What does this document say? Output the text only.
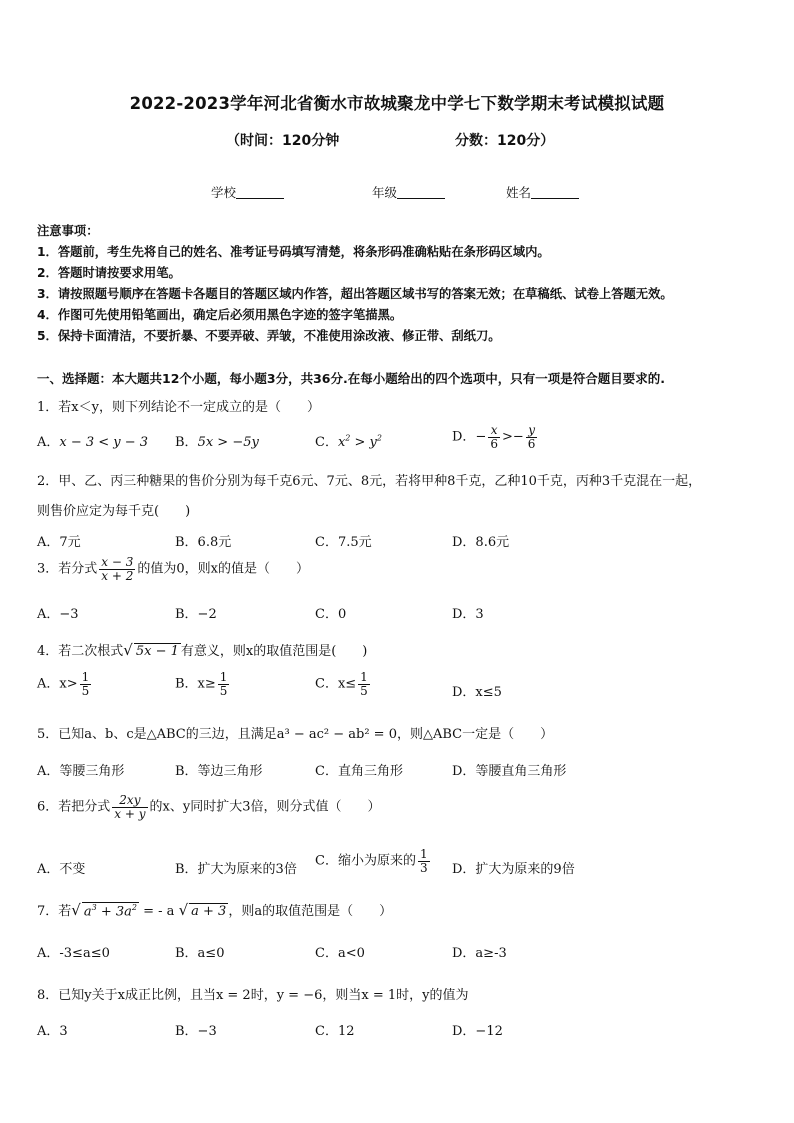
2022-2023学年河北省衡水市故城聚龙中学七下数学期末考试模拟试题
（时间：120分钟	分数：120分）
学校	年级	姓名
注意事项：
1．答题前，考生先将自己的姓名、准考证号码填写清楚，将条形码准确粘贴在条形码区域内。
2．答题时请按要求用笔。
3．请按照题号顺序在答题卡各题目的答题区域内作答，超出答题区域书写的答案无效；在草稿纸、试卷上答题无效。
4．作图可先使用铅笔画出，确定后必须用黑色字迹的签字笔描黑。
5．保持卡面清洁，不要折暴、不要弄破、弄皱，不准使用涂改液、修正带、刮纸刀。
一、选择题：本大题共12个小题，每小题3分，共36分.在每小题给出的四个选项中，只有一项是符合题目要求的.
1．若x＜y，则下列结论不一定成立的是（　　）
A．x − 3 < y − 3 B．5x > −5y	C．$x^2 > y^2$	D．− $\frac{x}{6} >- \frac{y}{6}$
2．甲、乙、丙三种糖果的售价分别为每千克6元、7元、8元，若将甲种8千克，乙种10千克，丙种3千克混在一起，
则售价应定为每千克(　　)
A．7元	B．6.8元	C．7.5元	D．8.6元
3．若分式 $\frac{x - 3}{x + 2}$ 的值为0，则x的值是（　　）
A．−3	B．−2	C．0	D．3
4．若二次根式√ 5x − 1 有意义，则x的取值范围是(　　)
A．$x> \frac{1}{5}$	B．$x\ge \frac{1}{5}$	C．$x\le \frac{1}{5}$	D．x≤5
5．已知a、b、c是△ABC的三边，且满足a³ − ac² − ab² = 0，则△ABC一定是（　　）
A．等腰三角形	B．等边三角形	C．直角三角形	D．等腰直角三角形
6．若把分式 $\frac{2xy}{x + y}$ 的x、y同时扩大3倍，则分式值（　　）
A．不变	B．扩大为原来的3倍
C．缩小为原来的 $\frac{1}{3}$ D．扩大为原来的9倍
7．若√ $a^3 + 3a^2$ = - a √ a + 3 ，则a的取值范围是（　　）
A．-3≤a≤0	B．a≤0	C．a<0	D．a≥-3
8．已知y关于x成正比例，且当x = 2时，y = −6，则当x = 1时，y的值为
A．3	B．−3	C．12	D．−12
